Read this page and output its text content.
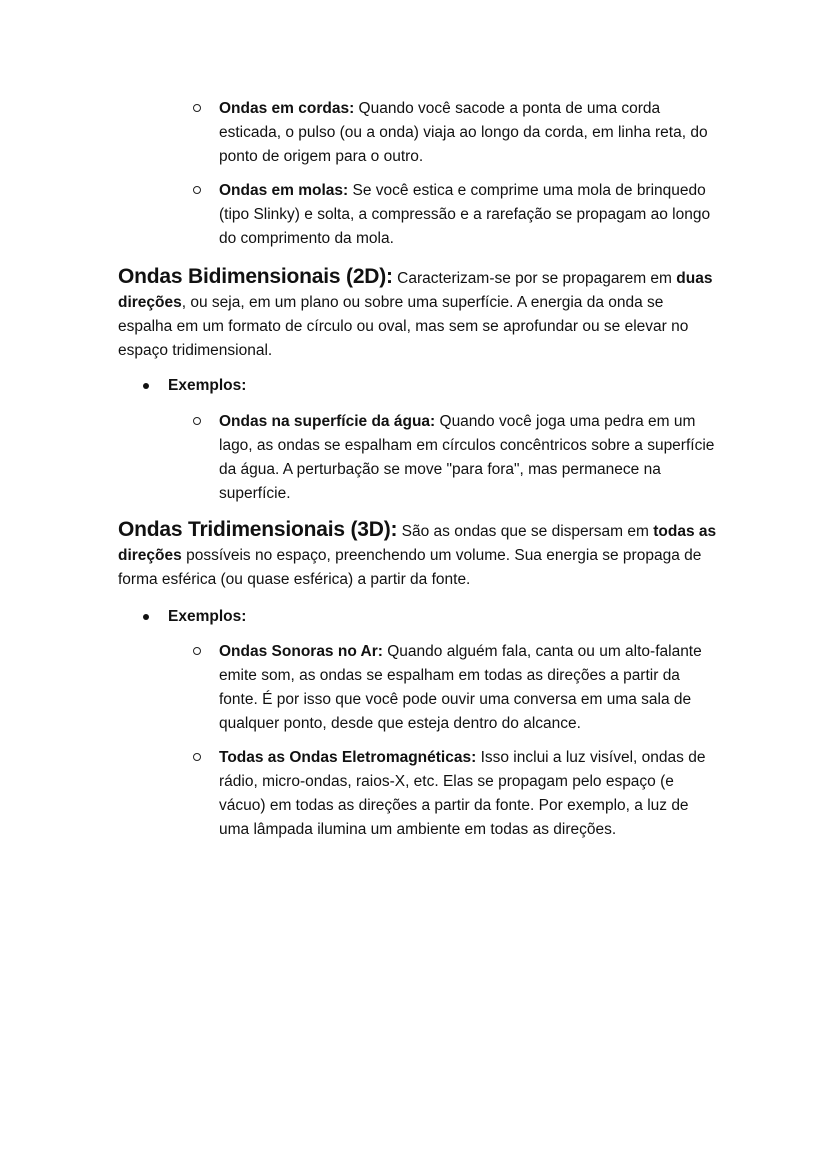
Ondas em cordas: Quando você sacode a ponta de uma corda esticada, o pulso (ou a onda) viaja ao longo da corda, em linha reta, do ponto de origem para o outro.
Ondas em molas: Se você estica e comprime uma mola de brinquedo (tipo Slinky) e solta, a compressão e a rarefação se propagam ao longo do comprimento da mola.
Ondas Bidimensionais (2D): Caracterizam-se por se propagarem em duas direções, ou seja, em um plano ou sobre uma superfície. A energia da onda se espalha em um formato de círculo ou oval, mas sem se aprofundar ou se elevar no espaço tridimensional.
Exemplos:
Ondas na superfície da água: Quando você joga uma pedra em um lago, as ondas se espalham em círculos concêntricos sobre a superfície da água. A perturbação se move "para fora", mas permanece na superfície.
Ondas Tridimensionais (3D): São as ondas que se dispersam em todas as direções possíveis no espaço, preenchendo um volume. Sua energia se propaga de forma esférica (ou quase esférica) a partir da fonte.
Exemplos:
Ondas Sonoras no Ar: Quando alguém fala, canta ou um alto-falante emite som, as ondas se espalham em todas as direções a partir da fonte. É por isso que você pode ouvir uma conversa em uma sala de qualquer ponto, desde que esteja dentro do alcance.
Todas as Ondas Eletromagnéticas: Isso inclui a luz visível, ondas de rádio, micro-ondas, raios-X, etc. Elas se propagam pelo espaço (e vácuo) em todas as direções a partir da fonte. Por exemplo, a luz de uma lâmpada ilumina um ambiente em todas as direções.
